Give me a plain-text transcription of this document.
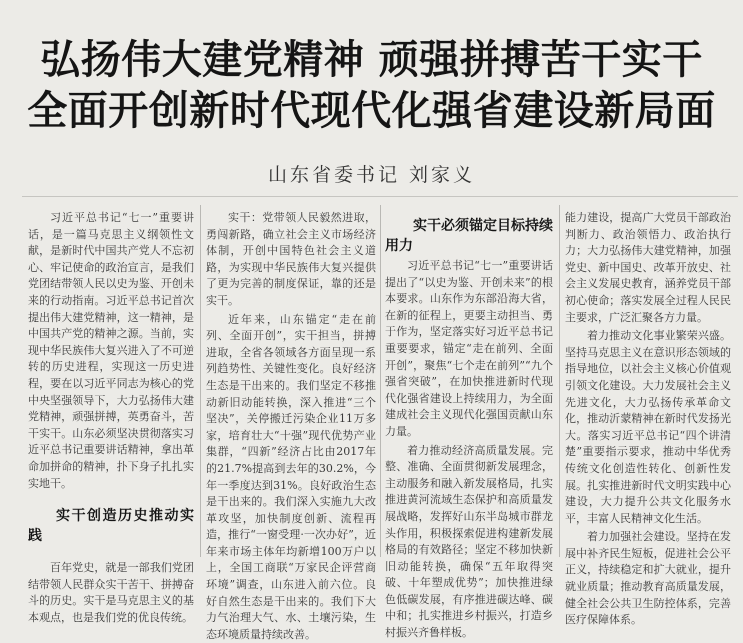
弘扬伟大建党精神 顽强拼搏苦干实干
全面开创新时代现代化强省建设新局面
山东省委书记 刘家义

习近平总书记“七一”重要讲话，是一篇马克思主义纲领性文献，是新时代中国共产党人不忘初心、牢记使命的政治宣言，是我们党团结带领人民以史为鉴、开创未来的行动指南。习近平总书记首次提出伟大建党精神，这一精神，是中国共产党的精神之源。当前，实现中华民族伟大复兴进入了不可逆转的历史进程，实现这一历史进程，要在以习近平同志为核心的党中央坚强领导下，大力弘扬伟大建党精神，顽强拼搏，英勇奋斗，苦干实干。山东必须坚决贯彻落实习近平总书记重要讲话精神，拿出革命加拼命的精神，扑下身子扎扎实实地干。

实干创造历史推动实践

百年党史，就是一部我们党团结带领人民群众实干苦干、拼搏奋斗的历史。实干是马克思主义的基本观点，也是我们党的优良传统。

实干：党带领人民毅然进取，勇闯新路，确立社会主义市场经济体制，开创中国特色社会主义道路，为实现中华民族伟大复兴提供了更为完善的制度保证，靠的还是实干。

近年来，山东锚定“走在前列、全面开创”，实干担当，拼搏进取，全省各领域各方面呈现一系列趋势性、关键性变化。良好经济生态是干出来的。我们坚定不移推动新旧动能转换，深入推进“三个坚决”，关停搬迁污染企业11万多家，培育壮大“十强”现代优势产业集群，“四新”经济占比由2017年的21.7%提高到去年的30.2%，今年一季度达到31%。良好政治生态是干出来的。我们深入实施九大改革攻坚，加快制度创新、流程再造，推行“一窗受理·一次办好”，近年来市场主体年均新增100万户以上，全国工商联“万家民企评营商环境”调查，山东进入前六位。良好自然生态是干出来的。我们下大力气治理大气、水、土壤污染，生态环境质量持续改善。

实干必须锚定目标持续用力

习近平总书记“七一”重要讲话提出了“以史为鉴、开创未来”的根本要求。山东作为东部沿海大省，在新的征程上，更要主动担当、勇于作为，坚定落实好习近平总书记重要要求，锚定“走在前列、全面开创”，聚焦“七个走在前列”“九个强省突破”，在加快推进新时代现代化强省建设上持续用力，为全面建成社会主义现代化强国贡献山东力量。

着力推动经济高质量发展。完整、准确、全面贯彻新发展理念，主动服务和融入新发展格局，扎实推进黄河流域生态保护和高质量发展战略，发挥好山东半岛城市群龙头作用，积极探索促进构建新发展格局的有效路径；坚定不移加快新旧动能转换，确保“五年取得突破、十年塑成优势”；加快推进绿色低碳发展，有序推进碳达峰、碳中和；扎实推进乡村振兴，打造乡村振兴齐鲁样板。

能力建设，提高广大党员干部政治判断力、政治领悟力、政治执行力；大力弘扬伟大建党精神，加强党史、新中国史、改革开放史、社会主义发展史教育，涵养党员干部初心使命；落实发展全过程人民民主要求，广泛汇聚各方力量。

着力推动文化事业繁荣兴盛。坚持马克思主义在意识形态领域的指导地位，以社会主义核心价值观引领文化建设。大力发展社会主义先进文化，大力弘扬传承革命文化，推动沂蒙精神在新时代发扬光大。落实习近平总书记“四个讲清楚”重要指示要求，推动中华优秀传统文化创造性转化、创新性发展。扎实推进新时代文明实践中心建设，大力提升公共文化服务水平，丰富人民精神文化生活。

着力加强社会建设。坚持在发展中补齐民生短板，促进社会公平正义，持续稳定和扩大就业，提升就业质量；推动教育高质量发展，健全社会公共卫生防控体系，完善医疗保障体系。
